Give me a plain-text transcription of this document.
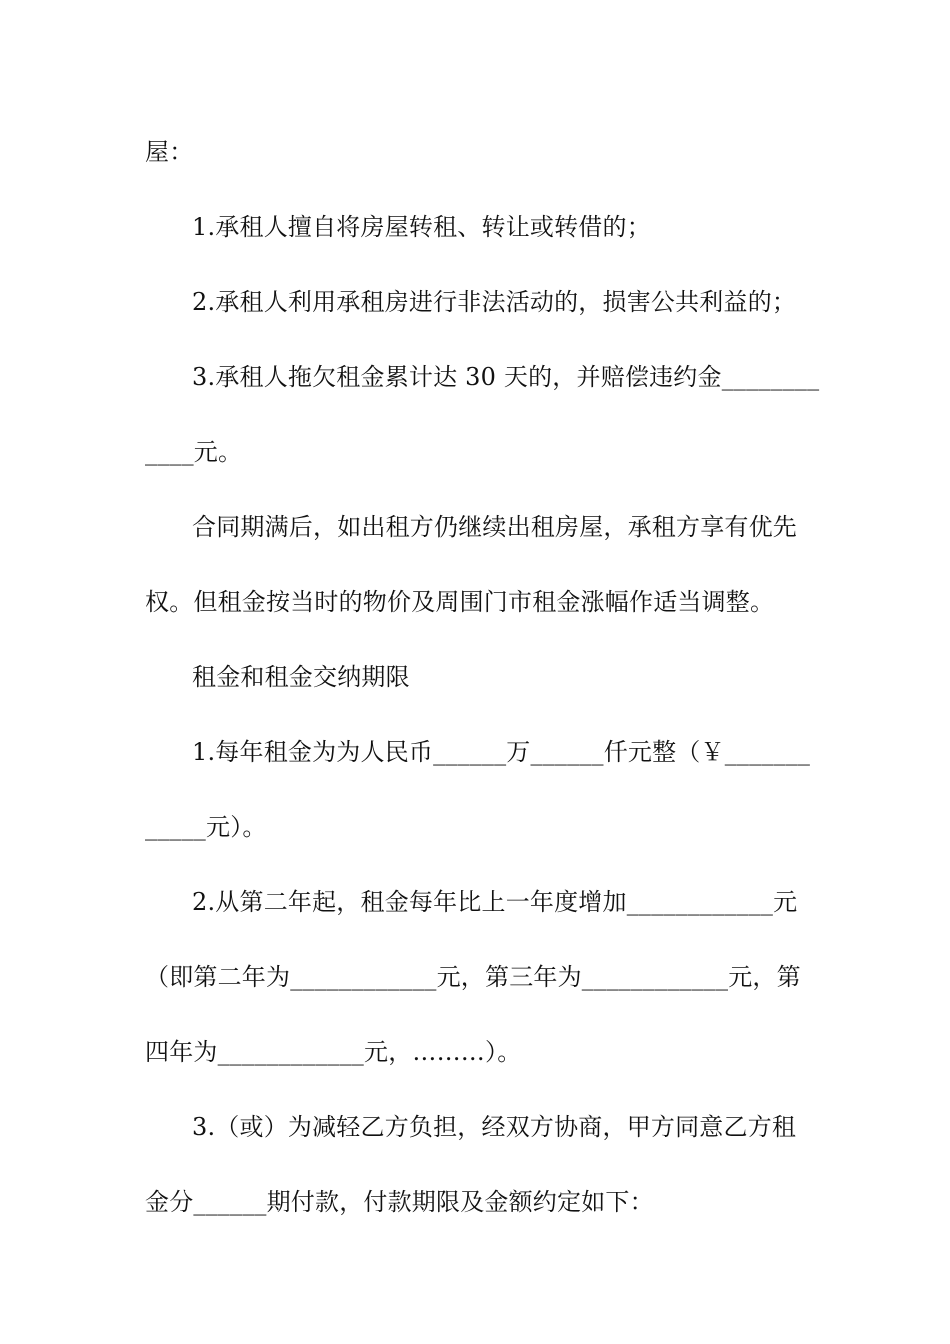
屋：
1.承租人擅自将房屋转租、转让或转借的；
2.承租人利用承租房进行非法活动的，损害公共利益的；
3.承租人拖欠租金累计达 30 天的，并赔偿违约金________
____元。
合同期满后，如出租方仍继续出租房屋，承租方享有优先
权。但租金按当时的物价及周围门市租金涨幅作适当调整。
租金和租金交纳期限
1.每年租金为为人民币______万______仟元整（￥_______
_____元）。
2.从第二年起，租金每年比上一年度增加____________元
（即第二年为____________元，第三年为____________元，第
四年为____________元，………）。
3.（或）为减轻乙方负担，经双方协商，甲方同意乙方租
金分______期付款，付款期限及金额约定如下：
